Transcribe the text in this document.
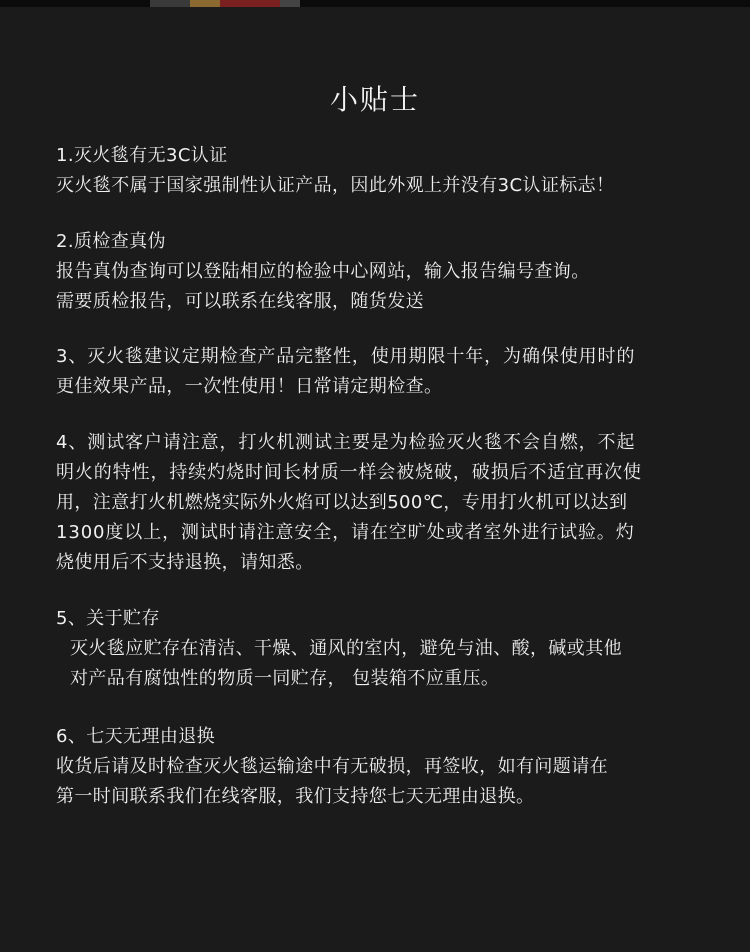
小贴士
1.灭火毯有无3C认证
灭火毯不属于国家强制性认证产品，因此外观上并没有3C认证标志！
2.质检查真伪
报告真伪查询可以登陆相应的检验中心网站，输入报告编号查询。
需要质检报告，可以联系在线客服，随货发送
3、灭火毯建议定期检查产品完整性，使用期限十年，为确保使用时的
更佳效果产品，一次性使用！日常请定期检查。
4、测试客户请注意，打火机测试主要是为检验灭火毯不会自燃，不起
明火的特性，持续灼烧时间长材质一样会被烧破，破损后不适宜再次使
用，注意打火机燃烧实际外火焰可以达到500℃，专用打火机可以达到
1300度以上，测试时请注意安全，请在空旷处或者室外进行试验。灼
烧使用后不支持退换，请知悉。
5、关于贮存
灭火毯应贮存在清洁、干燥、通风的室内，避免与油、酸，碱或其他
对产品有腐蚀性的物质一同贮存， 包装箱不应重压。
6、七天无理由退换
收货后请及时检查灭火毯运输途中有无破损，再签收，如有问题请在
第一时间联系我们在线客服，我们支持您七天无理由退换。
